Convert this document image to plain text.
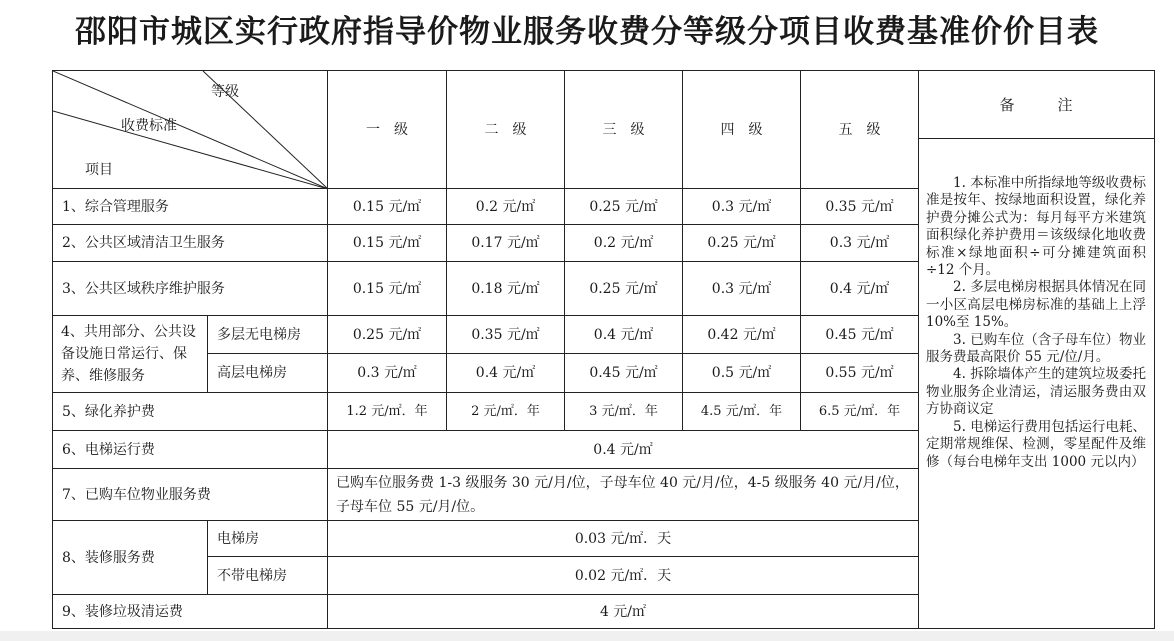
邵阳市城区实行政府指导价物业服务收费分等级分项目收费基准价价目表
等级
收费标准
项目		一　级	二　级	三　级	四　级	五　级
1、综合管理服务		0.15 元/㎡	0.2 元/㎡	0.25 元/㎡	0.3 元/㎡	0.35 元/㎡
2、公共区域清洁卫生服务		0.15 元/㎡	0.17 元/㎡	0.2 元/㎡	0.25 元/㎡	0.3 元/㎡
3、公共区域秩序维护服务		0.15 元/㎡	0.18 元/㎡	0.25 元/㎡	0.3 元/㎡	0.4 元/㎡
4、共用部分、公共设备设施日常运行、保养、维修服务	多层无电梯房	0.25 元/㎡	0.35 元/㎡	0.4 元/㎡	0.42 元/㎡	0.45 元/㎡
	高层电梯房	0.3 元/㎡	0.4 元/㎡	0.45 元/㎡	0.5 元/㎡	0.55 元/㎡
5、绿化养护费		1.2 元/㎡．年	2 元/㎡．年	3 元/㎡．年	4.5 元/㎡．年	6.5 元/㎡．年
6、电梯运行费		0.4 元/㎡				
7、已购车位物业服务费		已购车位服务费 1-3 级服务 30 元/月/位，子母车位 40 元/月/位，4-5 级服务 40 元/月/位，子母车位 55 元/月/位。				
8、装修服务费	电梯房	0.03 元/㎡．天				
	不带电梯房	0.02 元/㎡．天				
9、装修垃圾清运费		4 元/㎡				
备　注

1. 本标准中所指绿地等级收费标准是按年、按绿地面积设置，绿化养护费分摊公式为：每月每平方米建筑面积绿化养护费用＝该级绿化地收费标准×绿地面积÷可分摊建筑面积÷12 个月。

2. 多层电梯房根据具体情况在同一小区高层电梯房标准的基础上上浮 10%至 15%。

3. 已购车位（含子母车位）物业服务费最高限价 55 元/位/月。

4. 拆除墙体产生的建筑垃圾委托物业服务企业清运，清运服务费由双方协商议定

5. 电梯运行费用包括运行电耗、定期常规维保、检测，零星配件及维修（每台电梯年支出 1000 元以内）
